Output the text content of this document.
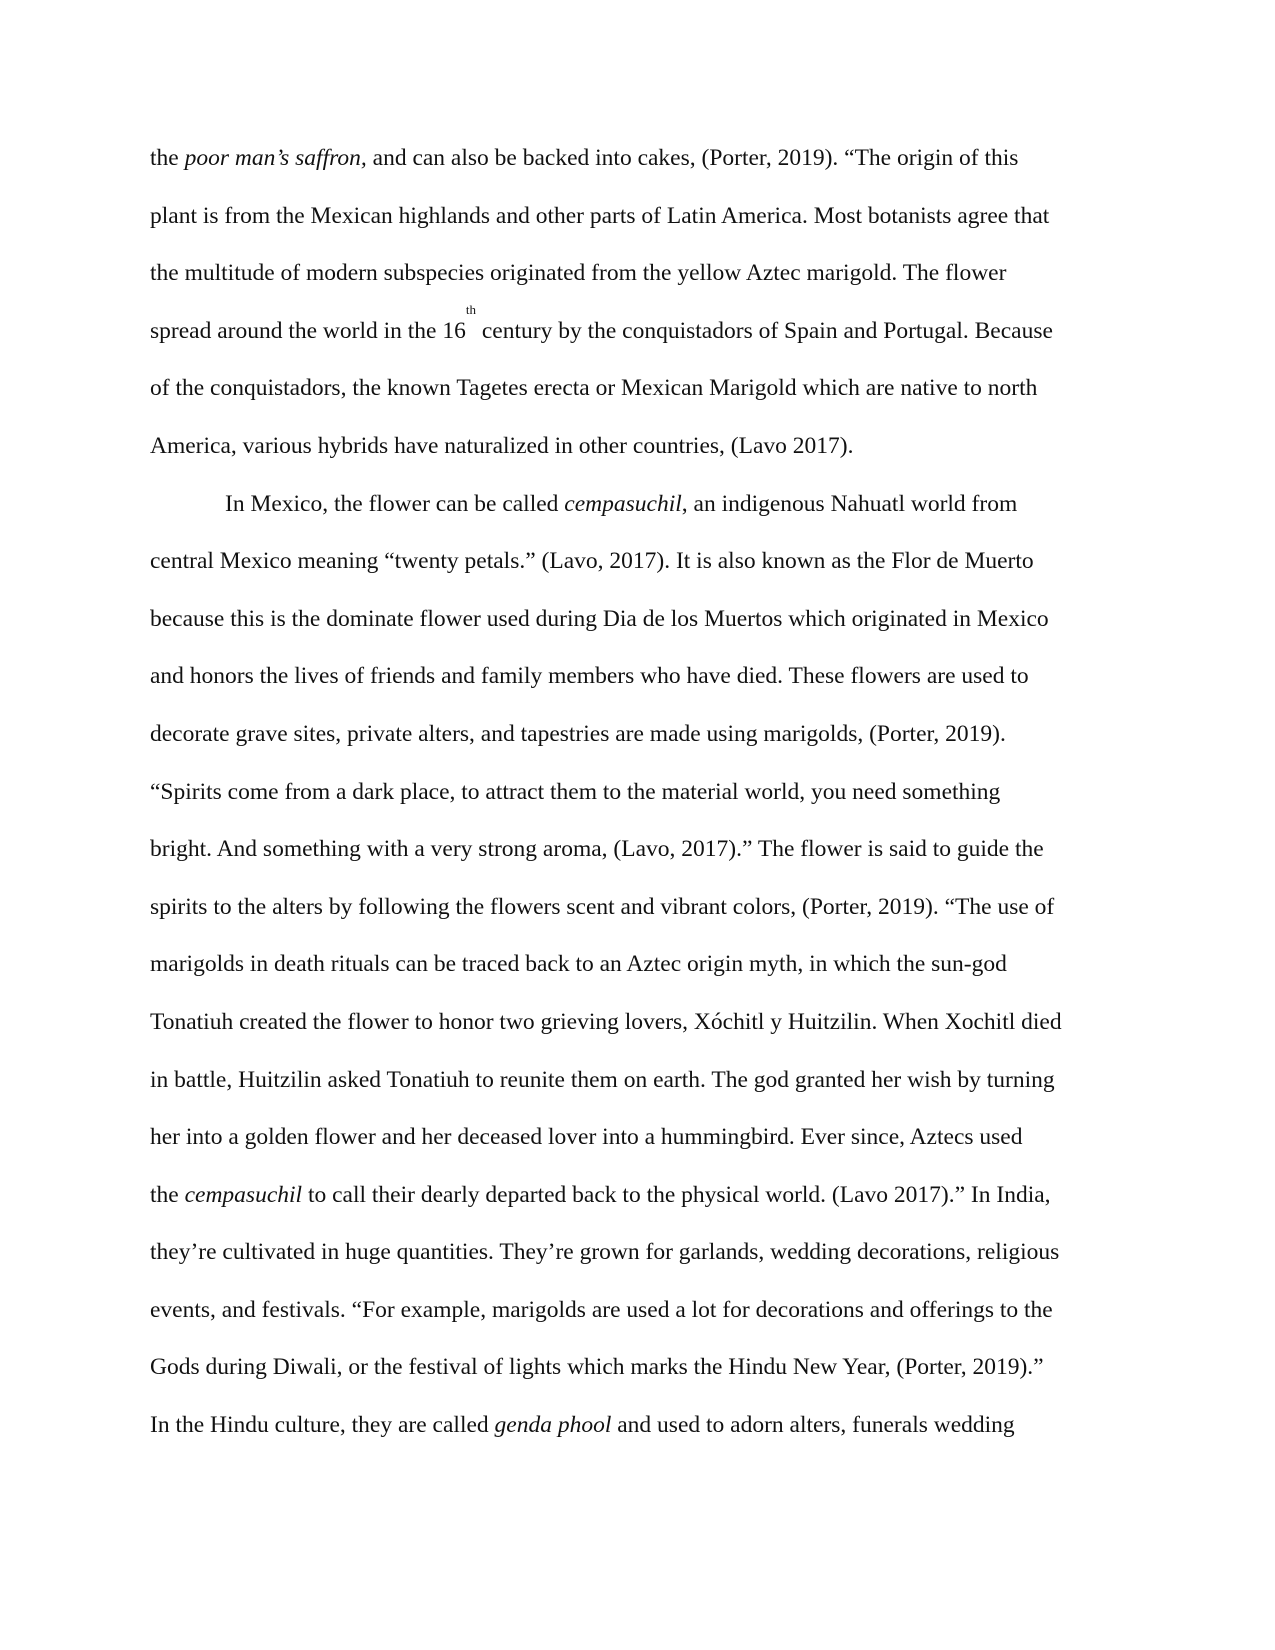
the poor man’s saffron, and can also be backed into cakes, (Porter, 2019). “The origin of this
plant is from the Mexican highlands and other parts of Latin America. Most botanists agree that
the multitude of modern subspecies originated from the yellow Aztec marigold. The flower
spread around the world in the 16th century by the conquistadors of Spain and Portugal. Because
of the conquistadors, the known Tagetes erecta or Mexican Marigold which are native to north
America, various hybrids have naturalized in other countries, (Lavo 2017).
In Mexico, the flower can be called cempasuchil, an indigenous Nahuatl world from
central Mexico meaning “twenty petals.” (Lavo, 2017). It is also known as the Flor de Muerto
because this is the dominate flower used during Dia de los Muertos which originated in Mexico
and honors the lives of friends and family members who have died. These flowers are used to
decorate grave sites, private alters, and tapestries are made using marigolds, (Porter, 2019).
“Spirits come from a dark place, to attract them to the material world, you need something
bright. And something with a very strong aroma, (Lavo, 2017).” The flower is said to guide the
spirits to the alters by following the flowers scent and vibrant colors, (Porter, 2019). “The use of
marigolds in death rituals can be traced back to an Aztec origin myth, in which the sun-god
Tonatiuh created the flower to honor two grieving lovers, Xóchitl y Huitzilin. When Xochitl died
in battle, Huitzilin asked Tonatiuh to reunite them on earth. The god granted her wish by turning
her into a golden flower and her deceased lover into a hummingbird. Ever since, Aztecs used
the cempasuchil to call their dearly departed back to the physical world. (Lavo 2017).” In India,
they’re cultivated in huge quantities. They’re grown for garlands, wedding decorations, religious
events, and festivals. “For example, marigolds are used a lot for decorations and offerings to the
Gods during Diwali, or the festival of lights which marks the Hindu New Year, (Porter, 2019).”
In the Hindu culture, they are called genda phool and used to adorn alters, funerals wedding
